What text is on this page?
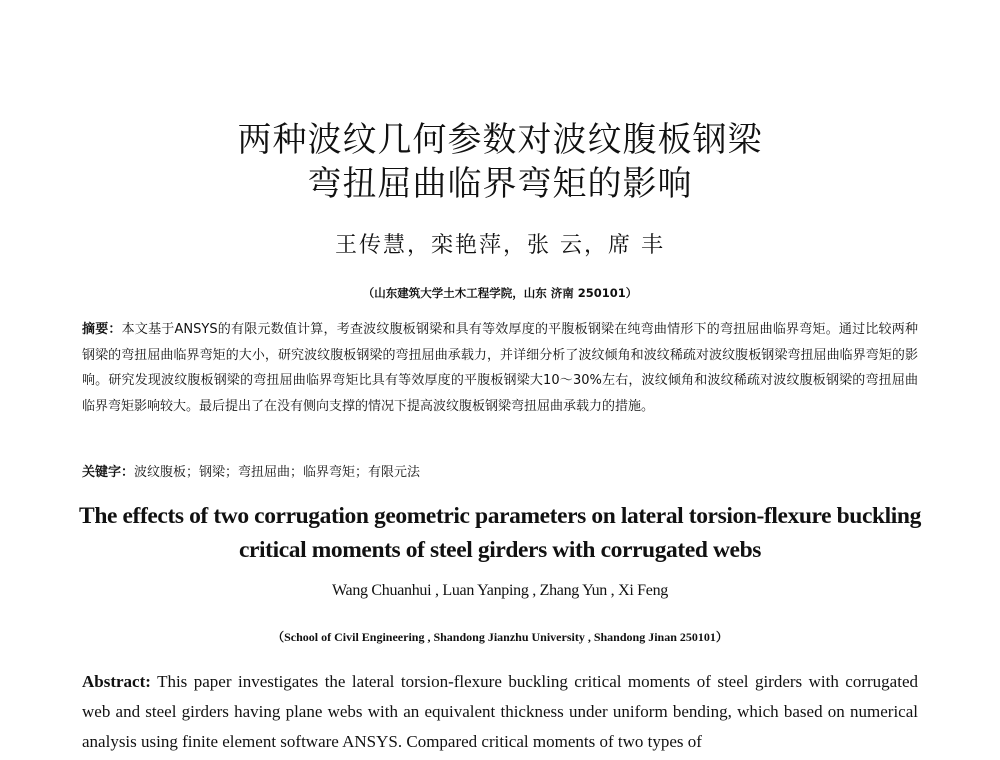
两种波纹几何参数对波纹腹板钢梁
弯扭屈曲临界弯矩的影响
王传慧，栾艳萍，张 云，席 丰
（山东建筑大学土木工程学院，山东 济南 250101）
摘要：本文基于ANSYS的有限元数值计算，考查波纹腹板钢梁和具有等效厚度的平腹板钢梁在纯弯曲情形下的弯扭屈曲临界弯矩。通过比较两种钢梁的弯扭屈曲临界弯矩的大小，研究波纹腹板钢梁的弯扭屈曲承载力，并详细分析了波纹倾角和波纹稀疏对波纹腹板钢梁弯扭屈曲临界弯矩的影响。研究发现波纹腹板钢梁的弯扭屈曲临界弯矩比具有等效厚度的平腹板钢梁大10～30%左右，波纹倾角和波纹稀疏对波纹腹板钢梁的弯扭屈曲临界弯矩影响较大。最后提出了在没有侧向支撑的情况下提高波纹腹板钢梁弯扭屈曲承载力的措施。
关键字：波纹腹板；钢梁；弯扭屈曲；临界弯矩；有限元法
The effects of two corrugation geometric parameters on lateral torsion-flexure buckling
critical moments of steel girders with corrugated webs
Wang Chuanhui , Luan Yanping , Zhang Yun , Xi Feng
（School of Civil Engineering , Shandong Jianzhu University , Shandong Jinan 250101）
Abstract: This paper investigates the lateral torsion-flexure buckling critical moments of steel girders with corrugated web and steel girders having plane webs with an equivalent thickness under uniform bending, which based on numerical analysis using finite element software ANSYS. Compared critical moments of two types of
